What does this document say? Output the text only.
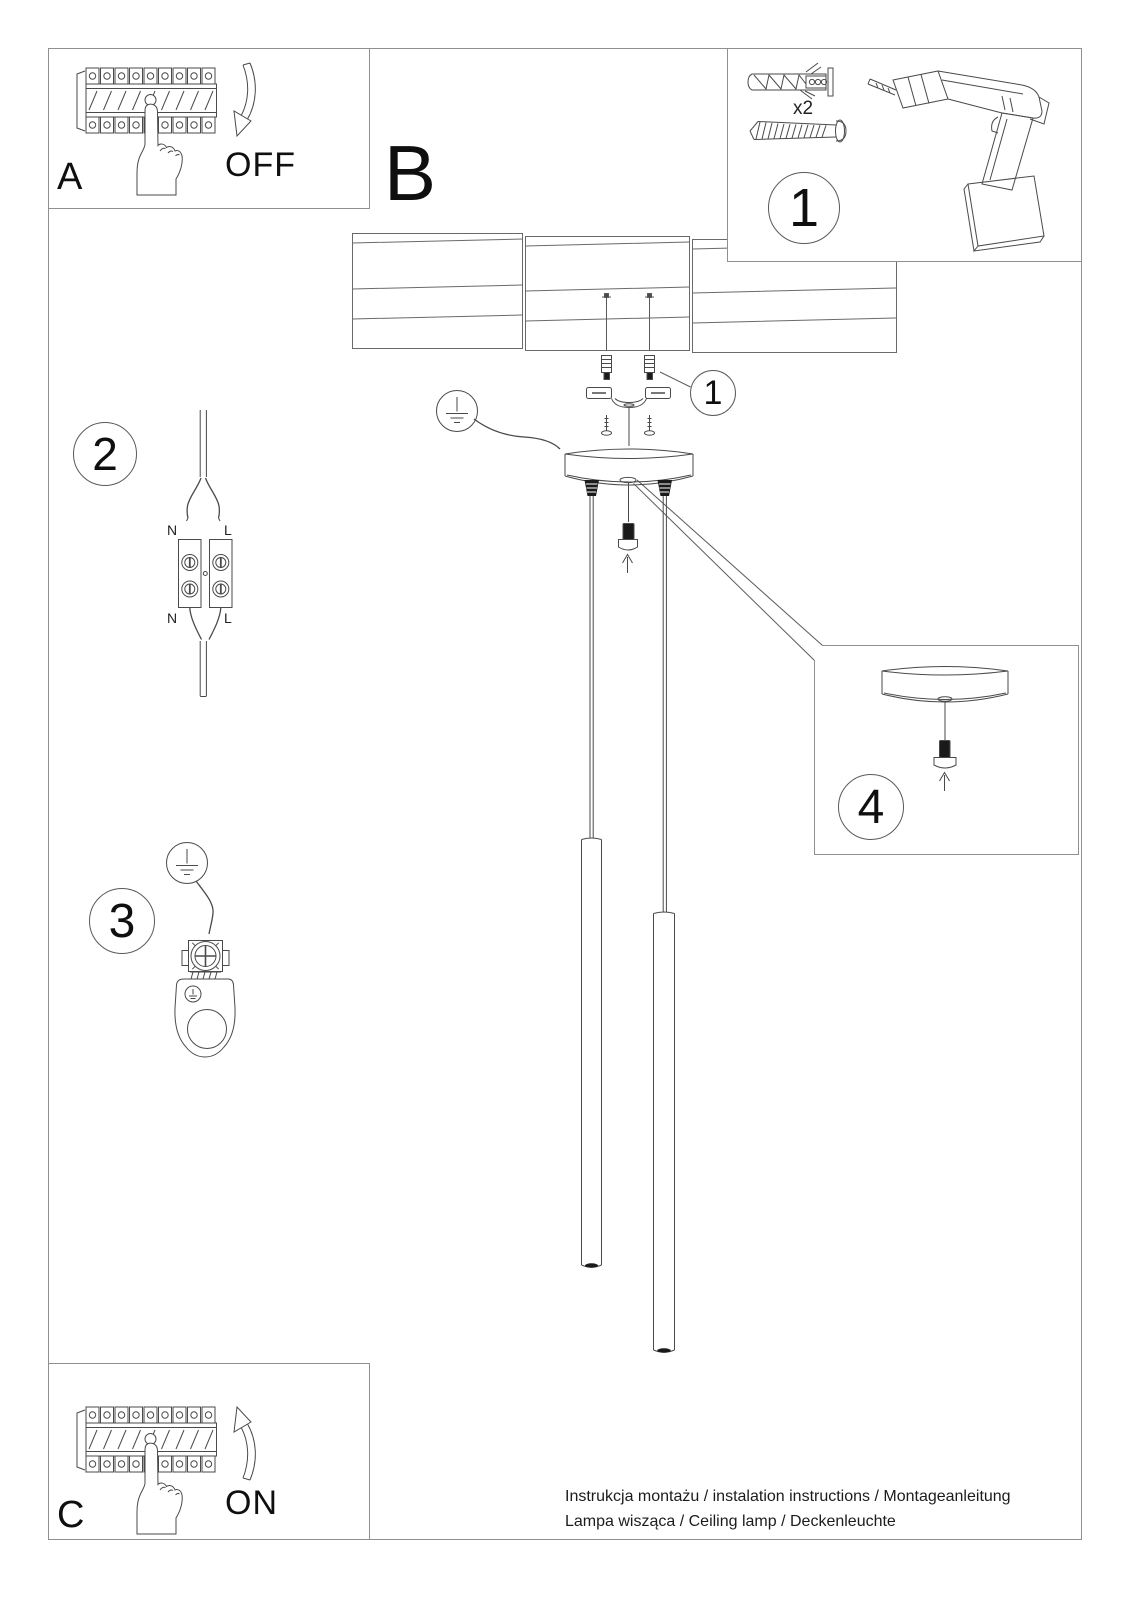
A	OFF B	1
x2
1
2
N	L
N	L
3
4
C	ON	Instrukcja montażu / instalation instructions / Montageanleitung
Lampa wisząca / Ceiling lamp / Deckenleuchte
